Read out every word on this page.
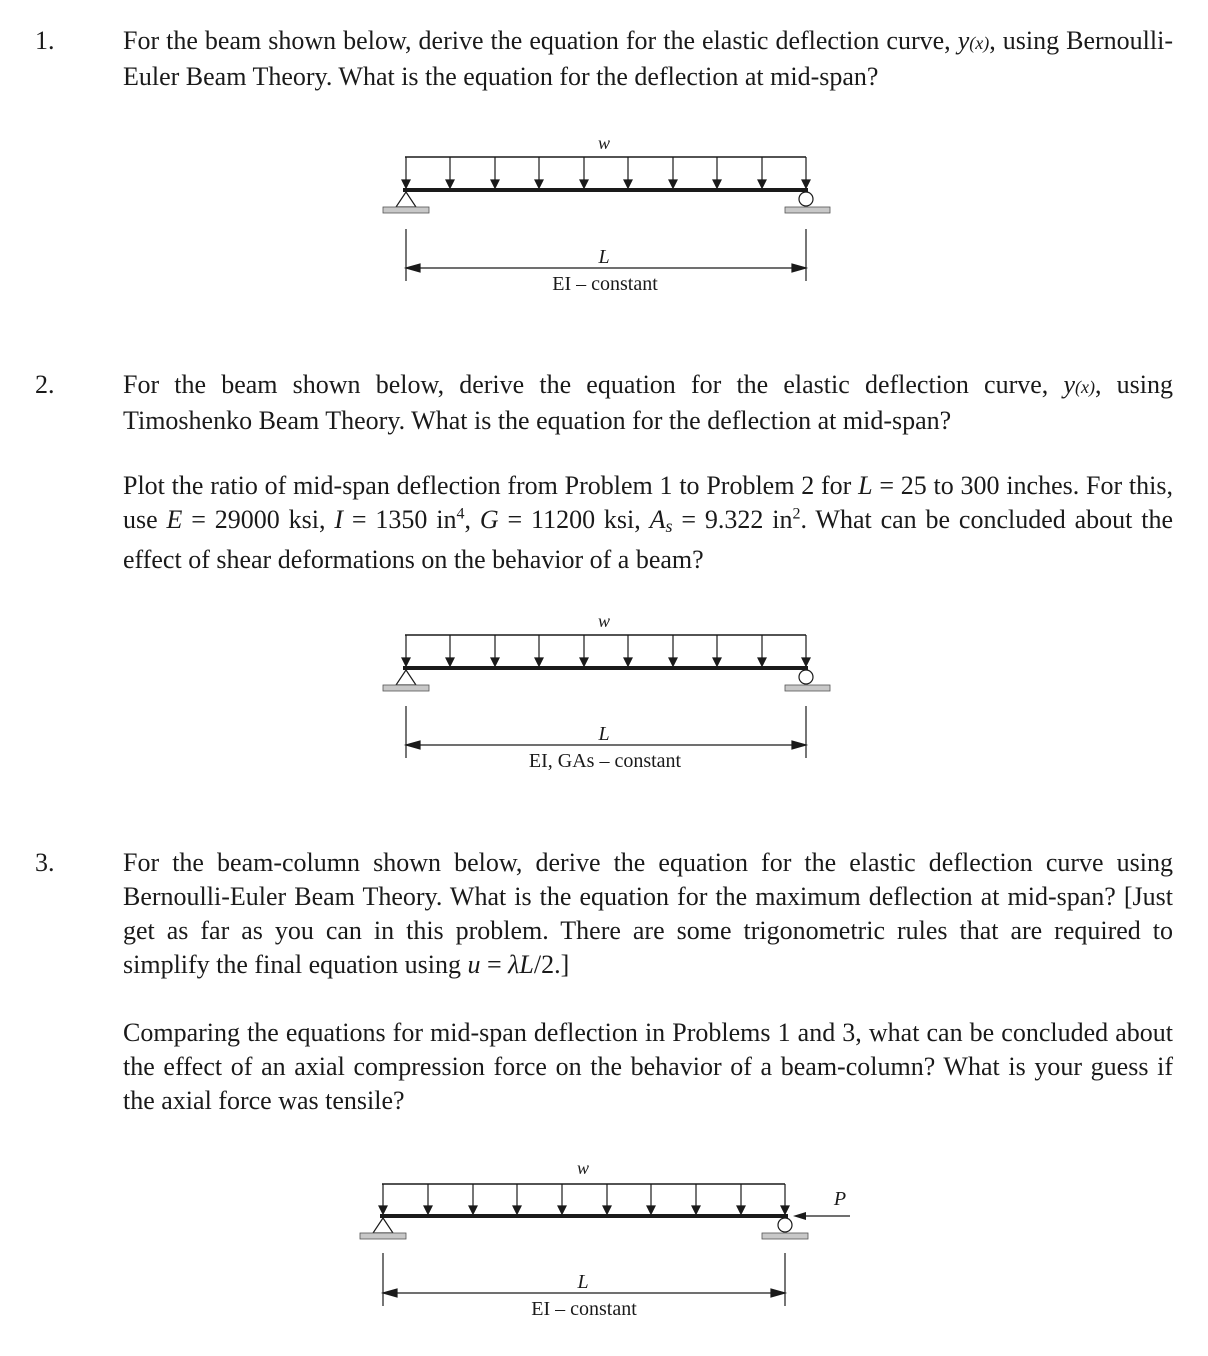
1.	For the beam shown below, derive the equation for the elastic deflection curve, y(x), using Bernoulli-Euler Beam Theory. What is the equation for the deflection at mid-span?
2.	For the beam shown below, derive the equation for the elastic deflection curve, y(x), using Timoshenko Beam Theory. What is the equation for the deflection at mid-span?
Plot the ratio of mid-span deflection from Problem 1 to Problem 2 for L = 25 to 300 inches. For this, use E = 29000 ksi, I = 1350 $in^4$, G = 11200 ksi, As = 9.322 $in^2$. What can be concluded about the effect of shear deformations on the behavior of a beam?
3.	For the beam-column shown below, derive the equation for the elastic deflection curve using Bernoulli-Euler Beam Theory. What is the equation for the maximum deflection at mid-span? [Just get as far as you can in this problem. There are some trigonometric rules that are required to simplify the final equation using u = λL/2.]
Comparing the equations for mid-span deflection in Problems 1 and 3, what can be concluded about the effect of an axial compression force on the behavior of a beam-column? What is your guess if the axial force was tensile?
w
L
EI – constant
w
L
EI, GAs – constant
w
P
L
EI – constant
